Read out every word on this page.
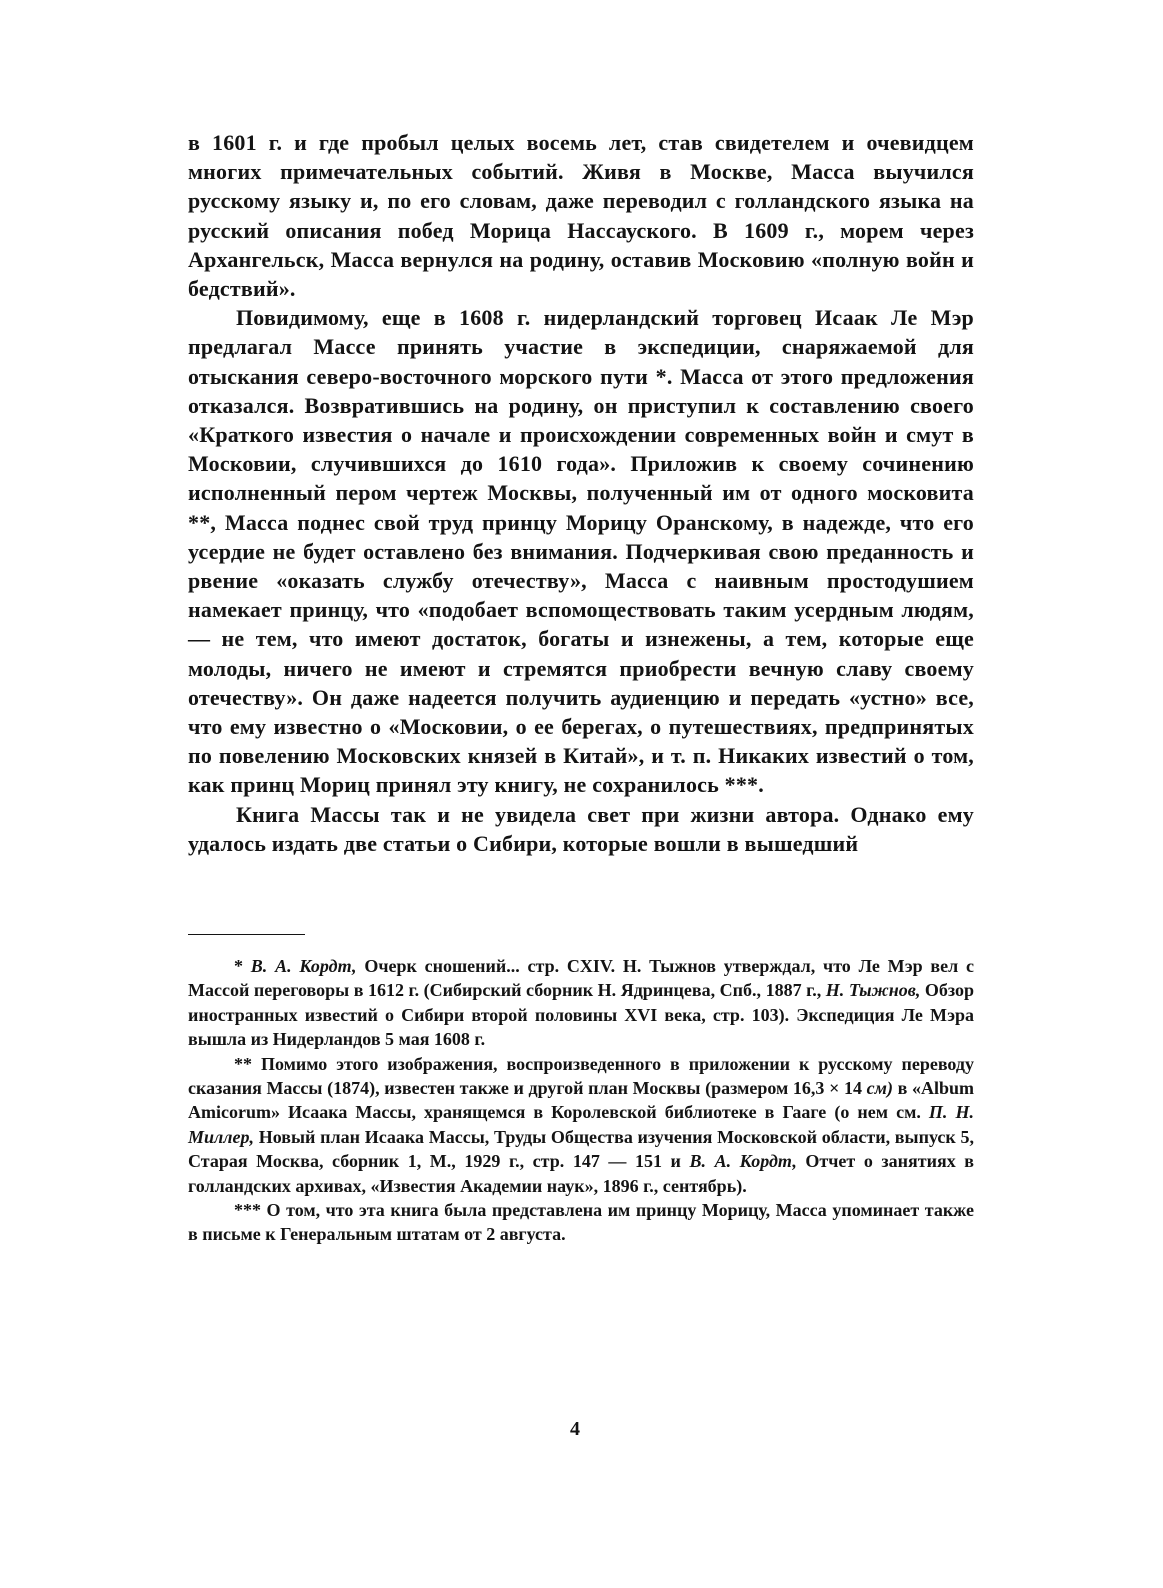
в 1601 г. и где пробыл целых восемь лет, став свидетелем и очевидцем многих примечательных событий. Живя в Москве, Масса выучился русскому языку и, по его словам, даже переводил с голландского языка на русский описания побед Морица Нассауского. В 1609 г., морем через Архангельск, Масса вернулся на родину, оставив Московию «полную войн и бедствий».

Повидимому, еще в 1608 г. нидерландский торговец Исаак Ле Мэр предлагал Массе принять участие в экспедиции, снаряжаемой для отыскания северо-восточного морского пути *. Масса от этого предложения отказался. Возвратившись на родину, он приступил к составлению своего «Краткого известия о начале и происхождении современных войн и смут в Московии, случившихся до 1610 года». Приложив к своему сочинению исполненный пером чертеж Москвы, полученный им от одного московита **, Масса поднес свой труд принцу Морицу Оранскому, в надежде, что его усердие не будет оставлено без внимания. Подчеркивая свою преданность и рвение «оказать службу отечеству», Масса с наивным простодушием намекает принцу, что «подобает вспомоществовать таким усердным людям, — не тем, что имеют достаток, богаты и изнежены, а тем, которые еще молоды, ничего не имеют и стремятся приобрести вечную славу своему отечеству». Он даже надеется получить аудиенцию и передать «устно» все, что ему известно о «Московии, о ее берегах, о путешествиях, предпринятых по повелению Московских князей в Китай», и т. п. Никаких известий о том, как принц Мориц принял эту книгу, не сохранилось ***.

Книга Массы так и не увидела свет при жизни автора. Однако ему удалось издать две статьи о Сибири, которые вошли в вышедший

* В. А. Кордт, Очерк сношений... стр. CXIV. Н. Тыжнов утверждал, что Ле Мэр вел с Массой переговоры в 1612 г. (Сибирский сборник Н. Ядринцева, Спб., 1887 г., Н. Тыжнов, Обзор иностранных известий о Сибири второй половины XVI века, стр. 103). Экспедиция Ле Мэра вышла из Нидерландов 5 мая 1608 г.

** Помимо этого изображения, воспроизведенного в приложении к русскому переводу сказания Массы (1874), известен также и другой план Москвы (размером 16,3 × 14 см) в «Album Amicorum» Исаака Массы, хранящемся в Королевской библиотеке в Гааге (о нем см. П. Н. Миллер, Новый план Исаака Массы, Труды Общества изучения Московской области, выпуск 5, Старая Москва, сборник 1, М., 1929 г., стр. 147 — 151 и В. А. Кордт, Отчет о занятиях в голландских архивах, «Известия Академии наук», 1896 г., сентябрь).

*** О том, что эта книга была представлена им принцу Морицу, Масса упоминает также в письме к Генеральным штатам от 2 августа.

4
